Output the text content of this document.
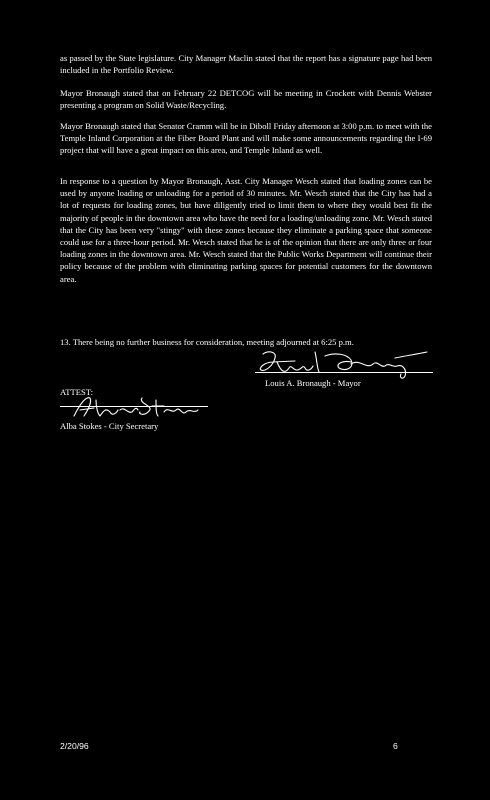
as passed by the State legislature. City Manager Maclin stated that the report has a signature page had been included in the Portfolio Review.

Mayor Bronaugh stated that on February 22 DETCOG will be meeting in Crockett with Dennis Webster presenting a program on Solid Waste/Recycling.

Mayor Bronaugh stated that Senator Cramm will be in Diboll Friday afternoon at 3:00 p.m. to meet with the Temple Inland Corporation at the Fiber Board Plant and will make some announcements regarding the I-69 project that will have a great impact on this area, and Temple Inland as well.

In response to a question by Mayor Bronaugh, Asst. City Manager Wesch stated that loading zones can be used by anyone loading or unloading for a period of 30 minutes. Mr. Wesch stated that the City has had a lot of requests for loading zones, but have diligently tried to limit them to where they would best fit the majority of people in the downtown area who have the need for a loading/unloading zone. Mr. Wesch stated that the City has been very "stingy" with these zones because they eliminate a parking space that someone could use for a three-hour period. Mr. Wesch stated that he is of the opinion that there are only three or four loading zones in the downtown area. Mr. Wesch stated that the Public Works Department will continue their policy because of the problem with eliminating parking spaces for potential customers for the downtown area.

13. There being no further business for consideration, meeting adjourned at 6:25 p.m.

Louis A. Bronaugh - Mayor

ATTEST:

Alba Stokes - City Secretary

2/20/96	6
